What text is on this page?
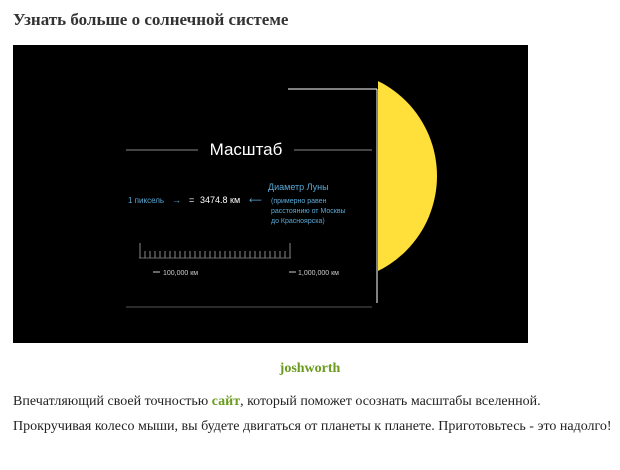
Узнать больше о солнечной системе
Масштаб
1 пиксель → = 3474.8 км ⟵
Диаметр Луны
(примерно равен
расстоянию от Москвы
до Красноярска)
100,000 км	1,000,000 км
joshworth
Впечатляющий своей точностью сайт, который поможет осознать масштабы вселенной. Прокручивая колесо мыши, вы будете двигаться от планеты к планете. Приготовьтесь - это надолго!
